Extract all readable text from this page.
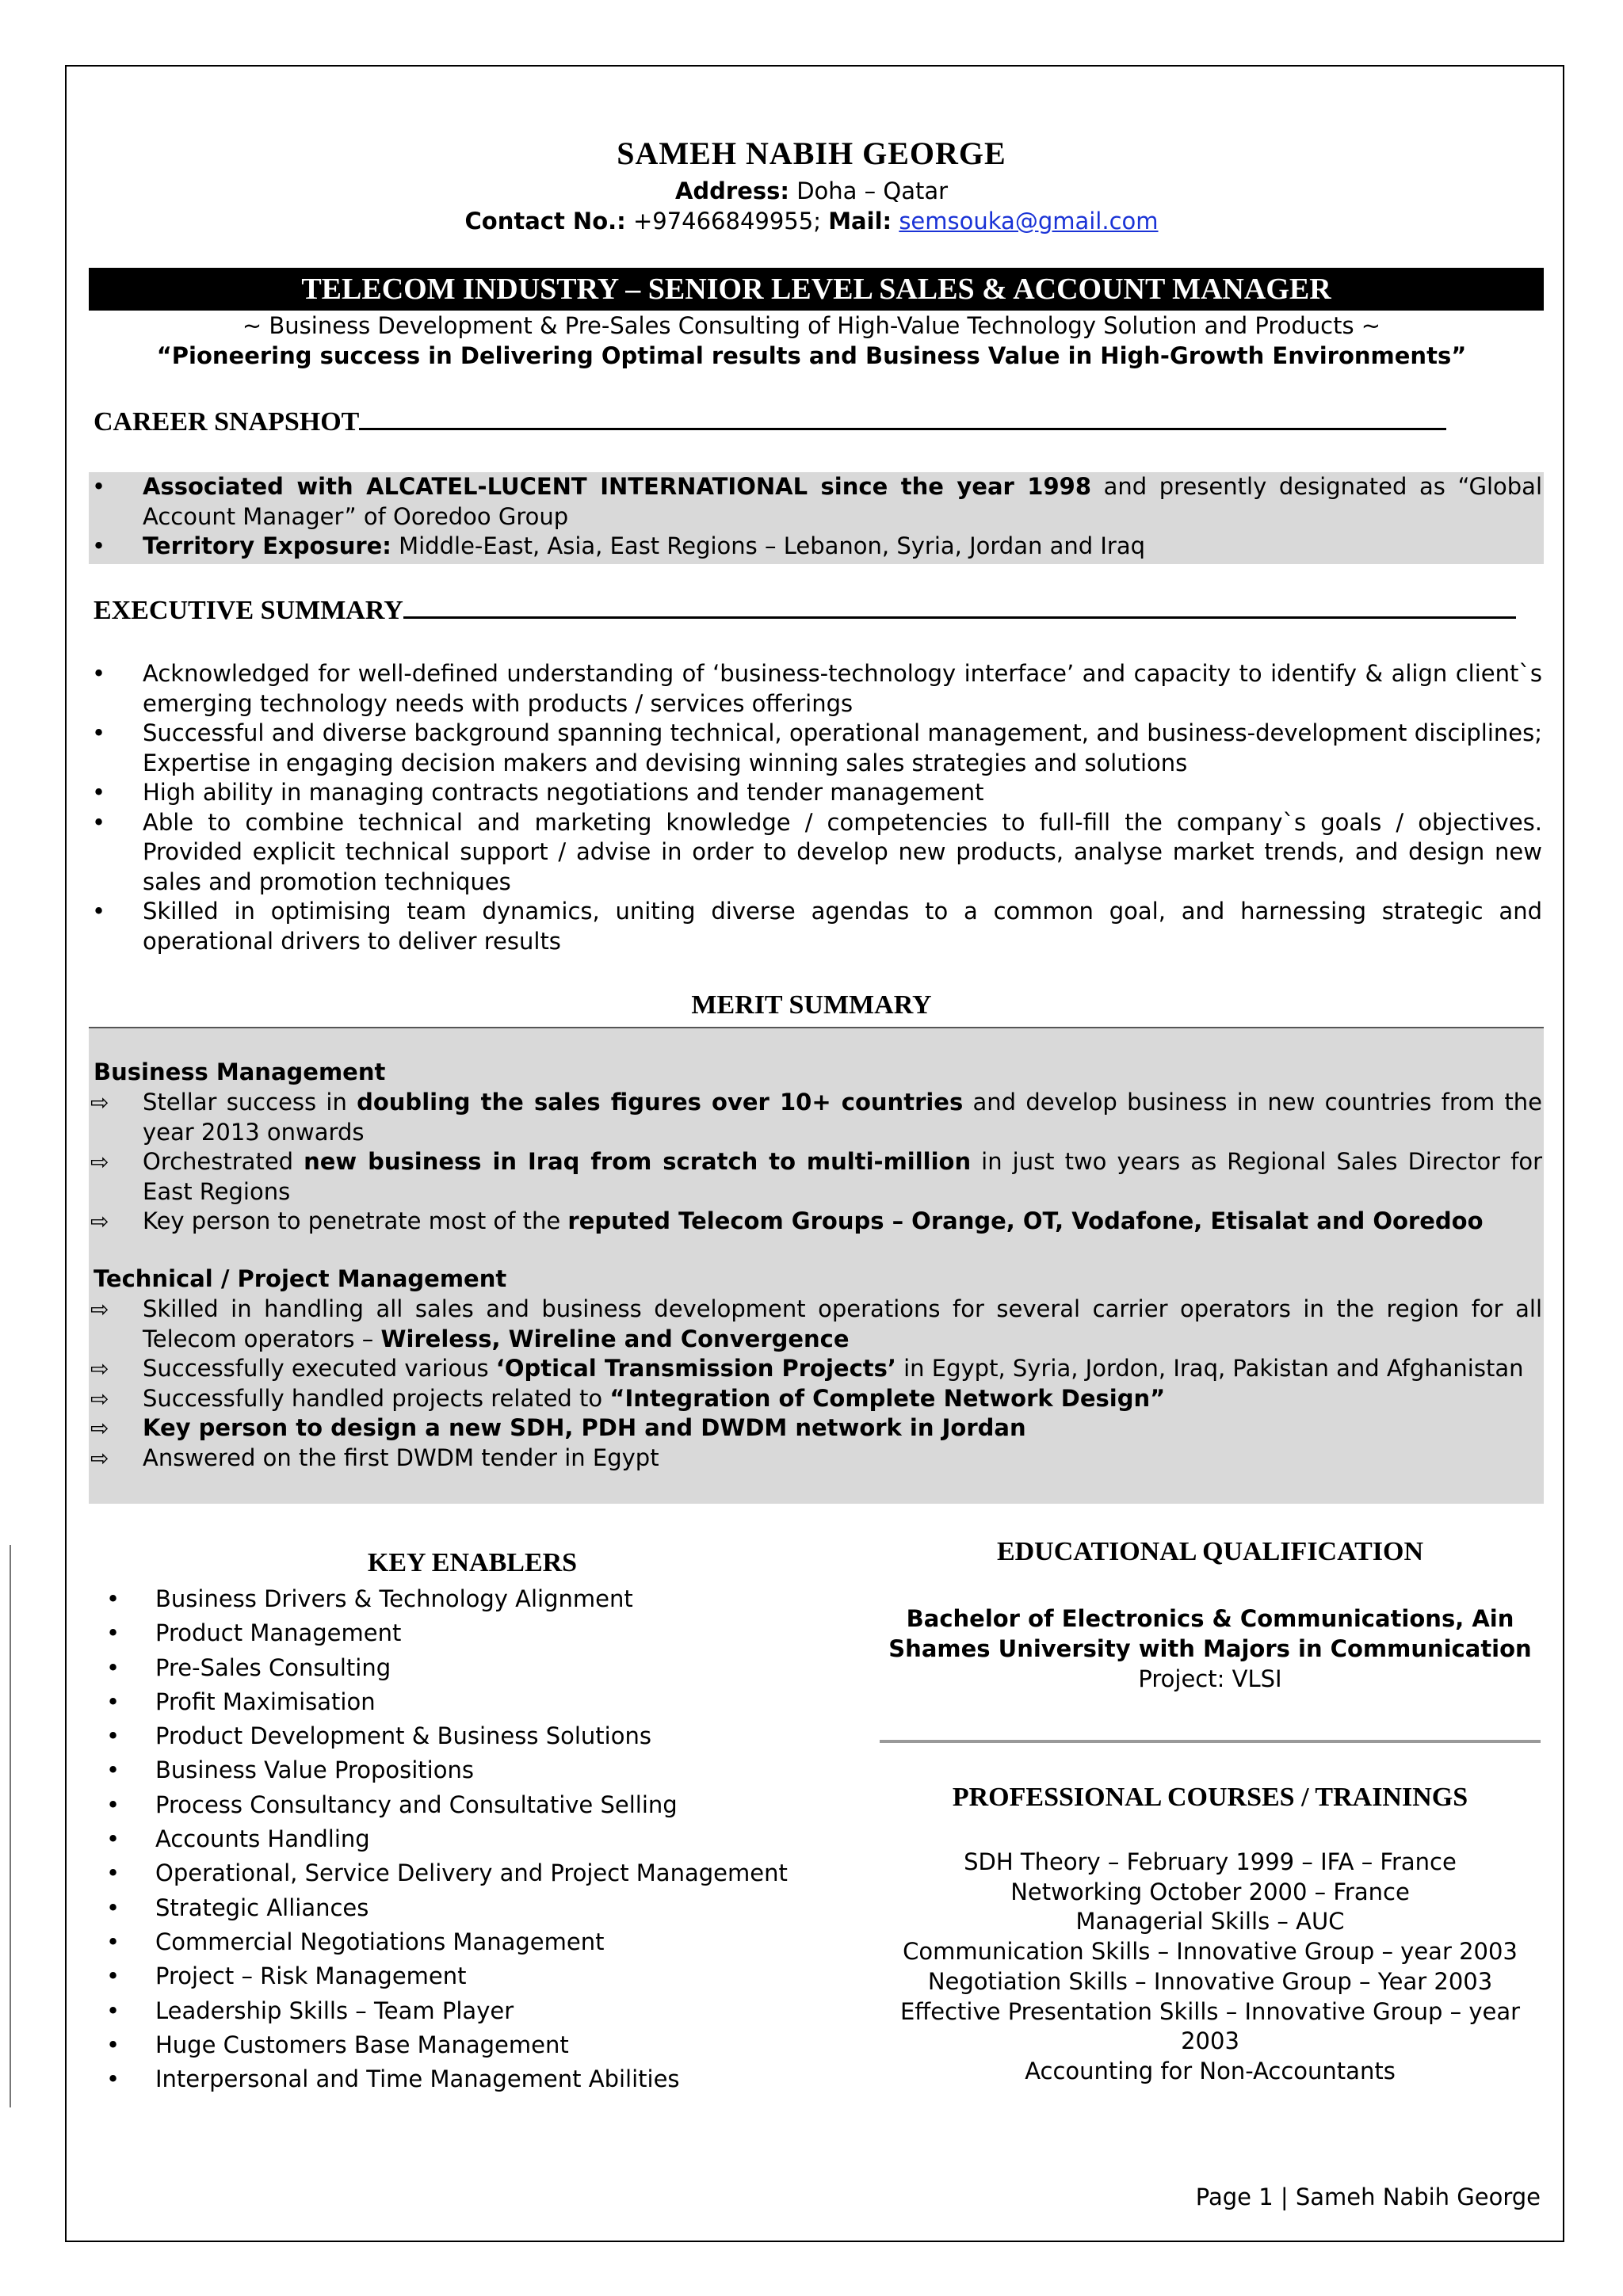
SAMEH NABIH GEORGE
Address: Doha – Qatar
Contact No.: +97466849955; Mail: semsouka@gmail.com
TELECOM INDUSTRY – SENIOR LEVEL SALES & ACCOUNT MANAGER
~ Business Development & Pre-Sales Consulting of High-Value Technology Solution and Products ~
“Pioneering success in Delivering Optimal results and Business Value in High-Growth Environments”
CAREER SNAPSHOT
• Associated with ALCATEL-LUCENT INTERNATIONAL since the year 1998 and presently designated as “Global Account Manager” of Ooredoo Group
• Territory Exposure: Middle-East, Asia, East Regions – Lebanon, Syria, Jordan and Iraq
EXECUTIVE SUMMARY
• Acknowledged for well-defined understanding of ‘business-technology interface’ and capacity to identify & align client`s emerging technology needs with products / services offerings
• Successful and diverse background spanning technical, operational management, and business-development disciplines; Expertise in engaging decision makers and devising winning sales strategies and solutions
• High ability in managing contracts negotiations and tender management
• Able to combine technical and marketing knowledge / competencies to full-fill the company`s goals / objectives. Provided explicit technical support / advise in order to develop new products, analyse market trends, and design new sales and promotion techniques
• Skilled in optimising team dynamics, uniting diverse agendas to a common goal, and harnessing strategic and operational drivers to deliver results
MERIT SUMMARY
Business Management
⇨ Stellar success in doubling the sales figures over 10+ countries and develop business in new countries from the year 2013 onwards
⇨ Orchestrated new business in Iraq from scratch to multi-million in just two years as Regional Sales Director for East Regions
⇨ Key person to penetrate most of the reputed Telecom Groups – Orange, OT, Vodafone, Etisalat and Ooredoo
Technical / Project Management
⇨ Skilled in handling all sales and business development operations for several carrier operators in the region for all Telecom operators – Wireless, Wireline and Convergence
⇨ Successfully executed various ‘Optical Transmission Projects’ in Egypt, Syria, Jordon, Iraq, Pakistan and Afghanistan
⇨ Successfully handled projects related to “Integration of Complete Network Design”
⇨ Key person to design a new SDH, PDH and DWDM network in Jordan
⇨ Answered on the first DWDM tender in Egypt
KEY ENABLERS
• Business Drivers & Technology Alignment
• Product Management
• Pre-Sales Consulting
• Profit Maximisation
• Product Development & Business Solutions
• Business Value Propositions
• Process Consultancy and Consultative Selling
• Accounts Handling
• Operational, Service Delivery and Project Management
• Strategic Alliances
• Commercial Negotiations Management
• Project – Risk Management
• Leadership Skills – Team Player
• Huge Customers Base Management
• Interpersonal and Time Management Abilities
EDUCATIONAL QUALIFICATION
Bachelor of Electronics & Communications, Ain Shames University with Majors in Communication
Project: VLSI
PROFESSIONAL COURSES / TRAININGS
SDH Theory – February 1999 – IFA – France
Networking October 2000 – France
Managerial Skills – AUC
Communication Skills – Innovative Group – year 2003
Negotiation Skills – Innovative Group – Year 2003
Effective Presentation Skills – Innovative Group – year 2003
Accounting for Non-Accountants
Page 1 | Sameh Nabih George
